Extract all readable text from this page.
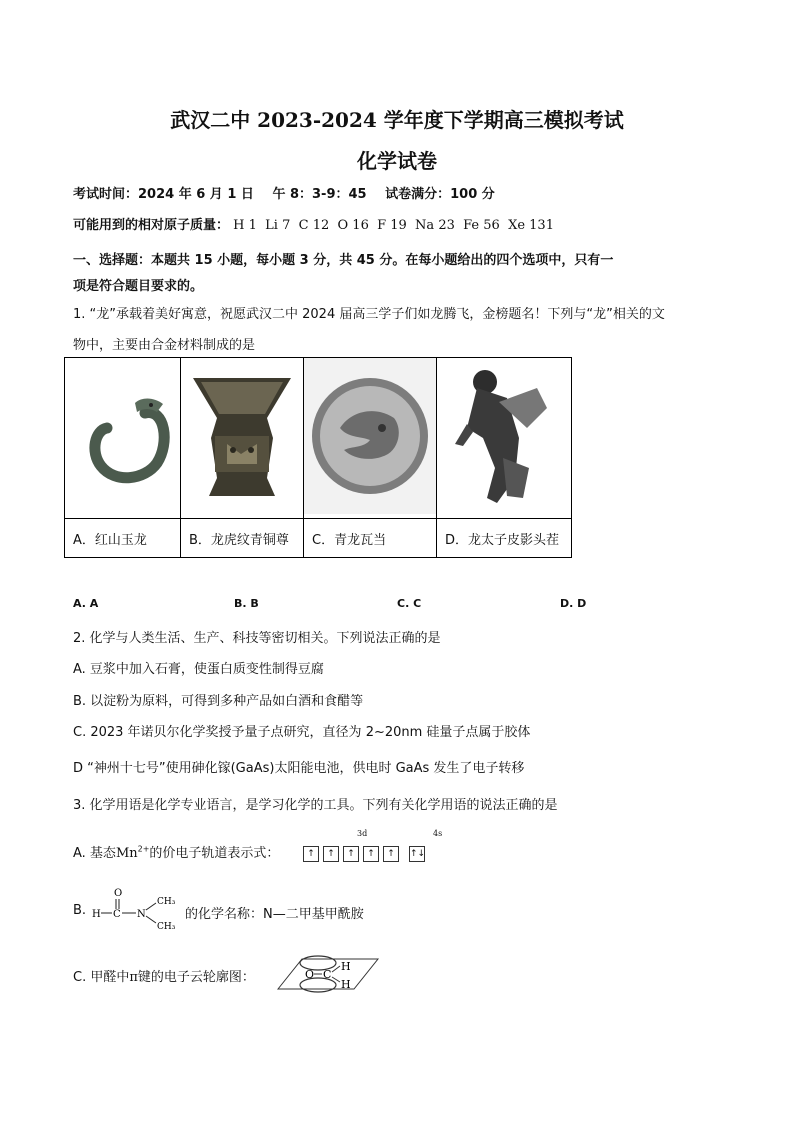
武汉二中 2023-2024 学年度下学期高三模拟考试
化学试卷
考试时间：2024 年 6 月 1 日 午 8：3-9：45 试卷满分：100 分
可能用到的相对原子质量： H 1  Li 7  C 12  O 16  F 19  Na 23  Fe 56  Xe 131
一、选择题：本题共 15 小题，每小题 3 分，共 45 分。在每小题给出的四个选项中，只有一
项是符合题目要求的。
1. “龙”承载着美好寓意，祝愿武汉二中 2024 届高三学子们如龙腾飞，金榜题名！下列与“龙”相关的文
物中，主要由合金材料制成的是

A．红山玉龙	B．龙虎纹青铜尊	C．青龙瓦当	D．龙太子皮影头茬
A. A	B. B	C. C	D. D
2. 化学与人类生活、生产、科技等密切相关。下列说法正确的是
A. 豆浆中加入石膏，使蛋白质变性制得豆腐
B. 以淀粉为原料，可得到多种产品如白酒和食醋等
C. 2023 年诺贝尔化学奖授予量子点研究，直径为 2~20nm 硅量子点属于胶体
D “神州十七号”使用砷化镓(GaAs)太阳能电池，供电时 GaAs 发生了电子转移
3. 化学用语是化学专业语言，是学习化学的工具。下列有关化学用语的说法正确的是
A. 基态$Mn^{2+}$的价电子轨道表示式：
3d	4s
↑ ↑ ↑ ↑ ↑ ↑↓
B.
O
H C N
CH₃
CH₃
的化学名称：N—二甲基甲酰胺
C. 甲醛中π键的电子云轮廓图：	O C
H
H
